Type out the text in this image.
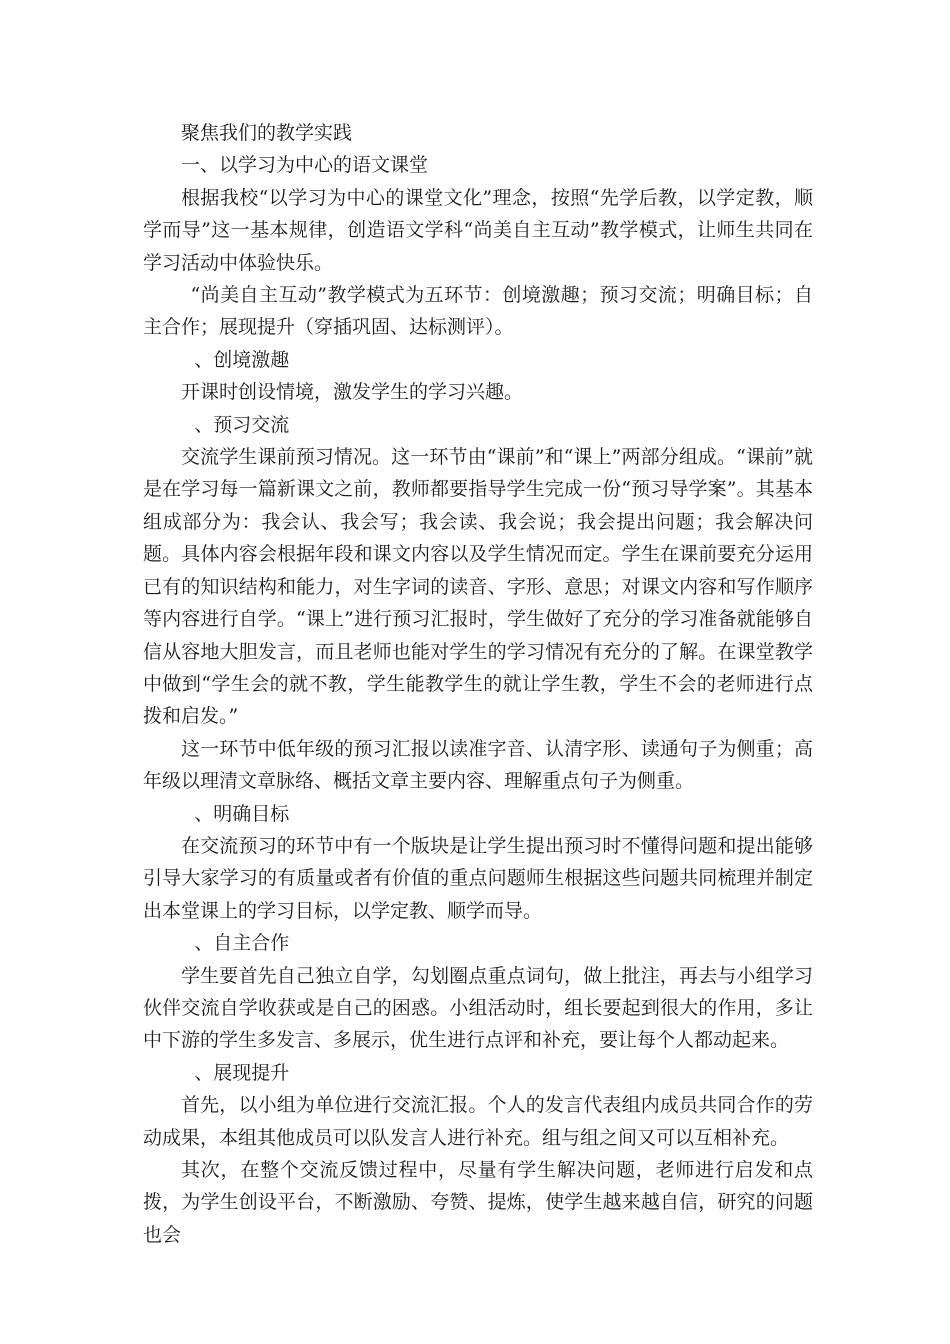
聚焦我们的教学实践

一、以学习为中心的语文课堂

根据我校“以学习为中心的课堂文化”理念，按照“先学后教，以学定教，顺学而导”这一基本规律，创造语文学科“尚美自主互动”教学模式，让师生共同在学习活动中体验快乐。

“尚美自主互动”教学模式为五环节：创境激趣；预习交流；明确目标；自主合作；展现提升（穿插巩固、达标测评）。

、创境激趣

开课时创设情境，激发学生的学习兴趣。

、预习交流

交流学生课前预习情况。这一环节由“课前”和“课上”两部分组成。“课前”就是在学习每一篇新课文之前，教师都要指导学生完成一份“预习导学案”。其基本组成部分为：我会认、我会写；我会读、我会说；我会提出问题；我会解决问题。具体内容会根据年段和课文内容以及学生情况而定。学生在课前要充分运用已有的知识结构和能力，对生字词的读音、字形、意思；对课文内容和写作顺序等内容进行自学。“课上”进行预习汇报时，学生做好了充分的学习准备就能够自信从容地大胆发言，而且老师也能对学生的学习情况有充分的了解。在课堂教学中做到“学生会的就不教，学生能教学生的就让学生教，学生不会的老师进行点拨和启发。”

这一环节中低年级的预习汇报以读准字音、认清字形、读通句子为侧重；高年级以理清文章脉络、概括文章主要内容、理解重点句子为侧重。

、明确目标

在交流预习的环节中有一个版块是让学生提出预习时不懂得问题和提出能够引导大家学习的有质量或者有价值的重点问题师生根据这些问题共同梳理并制定出本堂课上的学习目标，以学定教、顺学而导。

、自主合作

学生要首先自己独立自学，勾划圈点重点词句，做上批注，再去与小组学习伙伴交流自学收获或是自己的困惑。小组活动时，组长要起到很大的作用，多让中下游的学生多发言、多展示，优生进行点评和补充，要让每个人都动起来。

、展现提升

首先，以小组为单位进行交流汇报。个人的发言代表组内成员共同合作的劳动成果，本组其他成员可以队发言人进行补充。组与组之间又可以互相补充。

其次，在整个交流反馈过程中，尽量有学生解决问题，老师进行启发和点拨，为学生创设平台，不断激励、夸赞、提炼，使学生越来越自信，研究的问题也会
